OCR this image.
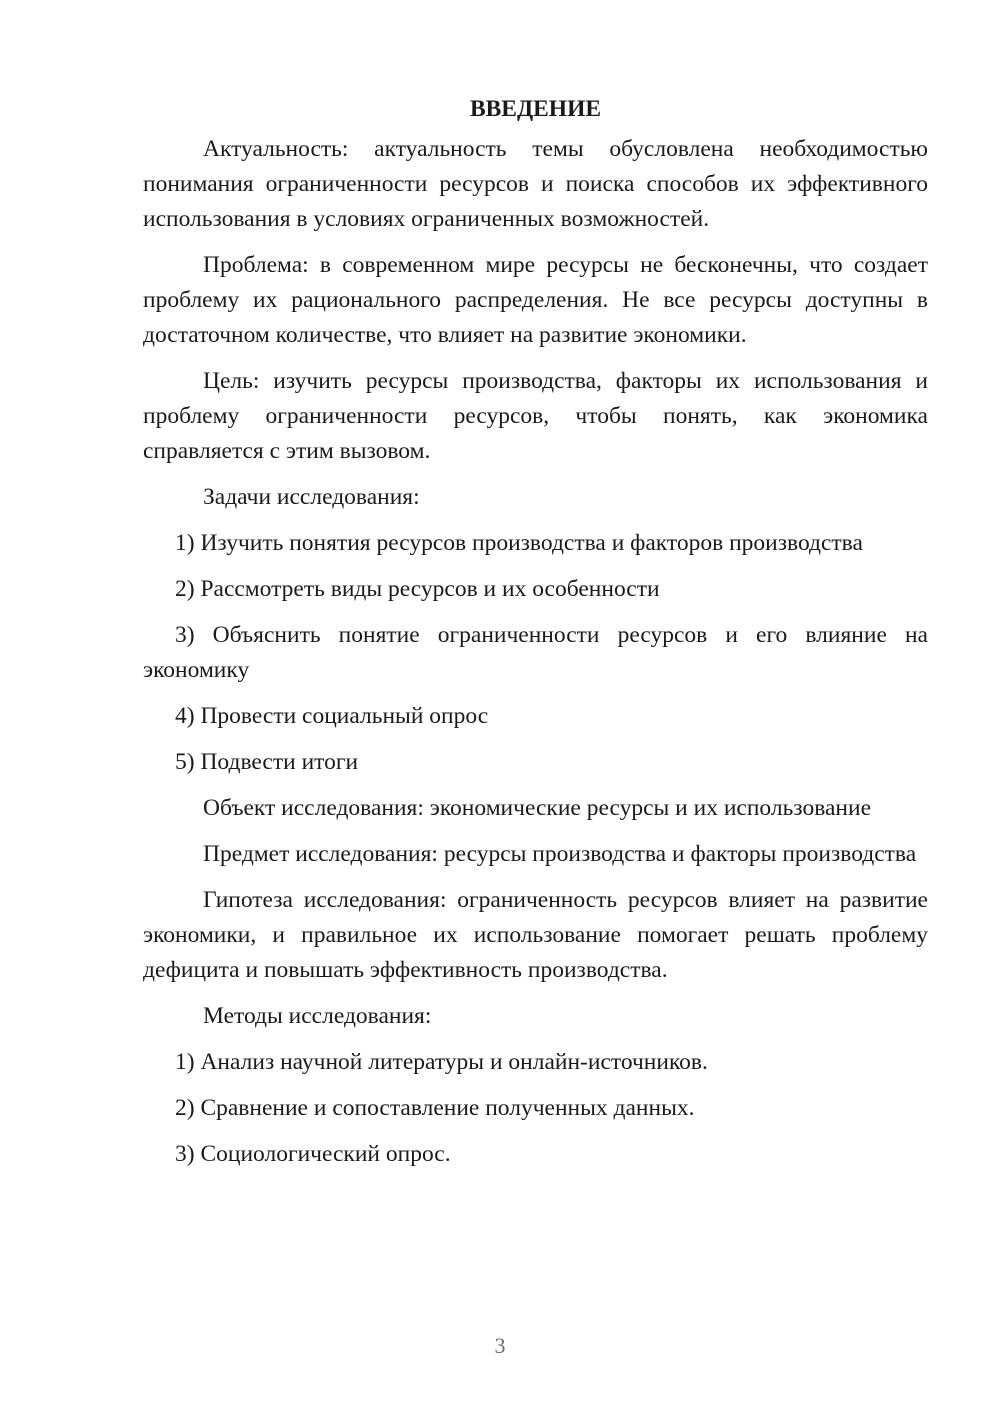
ВВЕДЕНИЕ

Актуальность: актуальность темы обусловлена необходимостью понимания ограниченности ресурсов и поиска способов их эффективного использования в условиях ограниченных возможностей.

Проблема: в современном мире ресурсы не бесконечны, что создает проблему их рационального распределения. Не все ресурсы доступны в достаточном количестве, что влияет на развитие экономики.

Цель: изучить ресурсы производства, факторы их использования и проблему ограниченности ресурсов, чтобы понять, как экономика справляется с этим вызовом.

Задачи исследования:

1) Изучить понятия ресурсов производства и факторов производства

2) Рассмотреть виды ресурсов и их особенности

3) Объяснить понятие ограниченности ресурсов и его влияние на экономику

4) Провести социальный опрос

5) Подвести итоги

Объект исследования: экономические ресурсы и их использование

Предмет исследования: ресурсы производства и факторы производства

Гипотеза исследования: ограниченность ресурсов влияет на развитие экономики, и правильное их использование помогает решать проблему дефицита и повышать эффективность производства.

Методы исследования:

1) Анализ научной литературы и онлайн-источников.

2) Сравнение и сопоставление полученных данных.

3) Социологический опрос.

3
